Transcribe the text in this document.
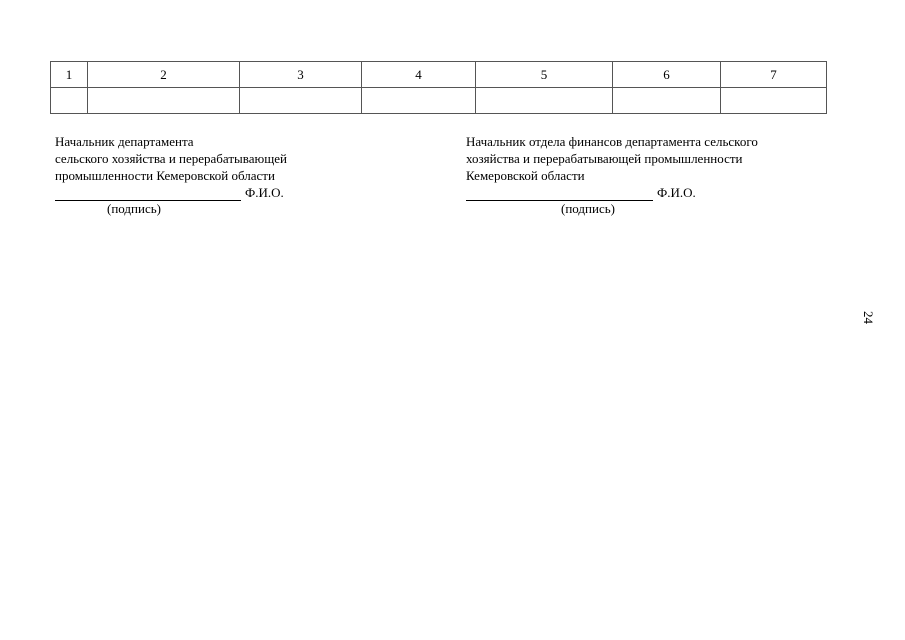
1	2	3	4	5	6	7

Начальник департамента
сельского хозяйства и перерабатывающей
промышленности Кемеровской области
Ф.И.О.
(подпись)
Начальник отдела финансов департамента сельского
хозяйства и перерабатывающей промышленности
Кемеровской области
Ф.И.О.
(подпись)
24
